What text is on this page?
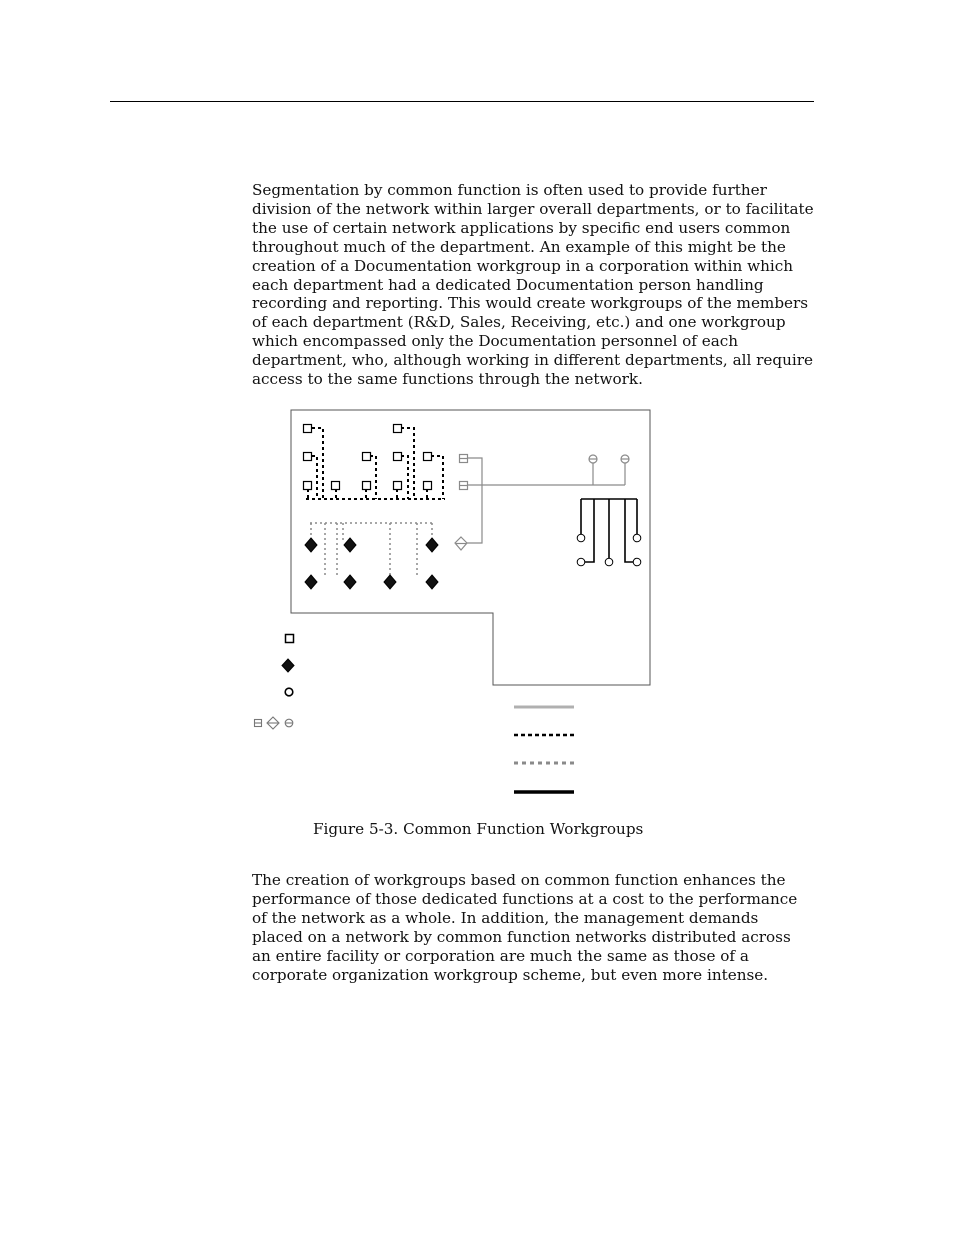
Segmentation by common function is often used to provide further division of the network within larger overall departments, or to facilitate the use of certain network applications by specific end users common throughout much of the department. An example of this might be the creation of a Documentation workgroup in a corporation within which each department had a dedicated Documentation person handling recording and reporting. This would create workgroups of the members of each department (R&D, Sales, Receiving, etc.) and one workgroup which encompassed only the Documentation personnel of each department, who, although working in different departments, all require access to the same functions through the network.

Figure 5-3. Common Function Workgroups

The creation of workgroups based on common function enhances the performance of those dedicated functions at a cost to the performance of the network as a whole. In addition, the management demands placed on a network by common function networks distributed across an entire facility or corporation are much the same as those of a corporate organization workgroup scheme, but even more intense.
